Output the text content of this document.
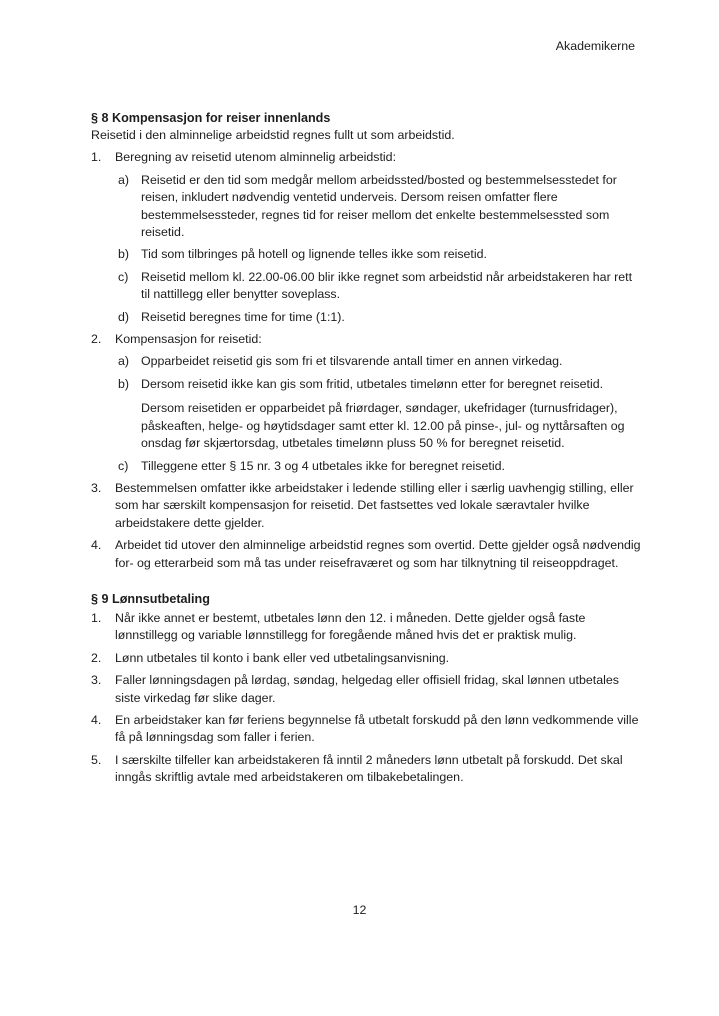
Akademikerne
§ 8 Kompensasjon for reiser innenlands

Reisetid i den alminnelige arbeidstid regnes fullt ut som arbeidstid.

1. Beregning av reisetid utenom alminnelig arbeidstid:
a) Reisetid er den tid som medgår mellom arbeidssted/bosted og bestemmelsesstedet for reisen, inkludert nødvendig ventetid underveis. Dersom reisen omfatter flere bestemmelsessteder, regnes tid for reiser mellom det enkelte bestemmelsessted som reisetid.
b) Tid som tilbringes på hotell og lignende telles ikke som reisetid.
c) Reisetid mellom kl. 22.00-06.00 blir ikke regnet som arbeidstid når arbeidstakeren har rett til nattillegg eller benytter soveplass.
d) Reisetid beregnes time for time (1:1).
2. Kompensasjon for reisetid:
a) Opparbeidet reisetid gis som fri et tilsvarende antall timer en annen virkedag.
b) Dersom reisetid ikke kan gis som fritid, utbetales timelønn etter for beregnet reisetid.
Dersom reisetiden er opparbeidet på friørdager, søndager, ukefridager (turnusfridager), påskeaften, helge- og høytidsdager samt etter kl. 12.00 på pinse-, jul- og nyttårsaften og onsdag før skjærtorsdag, utbetales timelønn pluss 50 % for beregnet reisetid.
c) Tilleggene etter § 15 nr. 3 og 4 utbetales ikke for beregnet reisetid.
3. Bestemmelsen omfatter ikke arbeidstaker i ledende stilling eller i særlig uavhengig stilling, eller som har særskilt kompensasjon for reisetid. Det fastsettes ved lokale særavtaler hvilke arbeidstakere dette gjelder.
4. Arbeidet tid utover den alminnelige arbeidstid regnes som overtid. Dette gjelder også nødvendig for- og etterarbeid som må tas under reisefraværet og som har tilknytning til reiseoppdraget.
§ 9 Lønnsutbetaling
1. Når ikke annet er bestemt, utbetales lønn den 12. i måneden. Dette gjelder også faste lønnstillegg og variable lønnstillegg for foregående måned hvis det er praktisk mulig.
2. Lønn utbetales til konto i bank eller ved utbetalingsanvisning.
3. Faller lønningsdagen på lørdag, søndag, helgedag eller offisiell fridag, skal lønnen utbetales siste virkedag før slike dager.
4. En arbeidstaker kan før feriens begynnelse få utbetalt forskudd på den lønn vedkommende ville få på lønningsdag som faller i ferien.
5. I særskilte tilfeller kan arbeidstakeren få inntil 2 måneders lønn utbetalt på forskudd. Det skal inngås skriftlig avtale med arbeidstakeren om tilbakebetalingen.
12
